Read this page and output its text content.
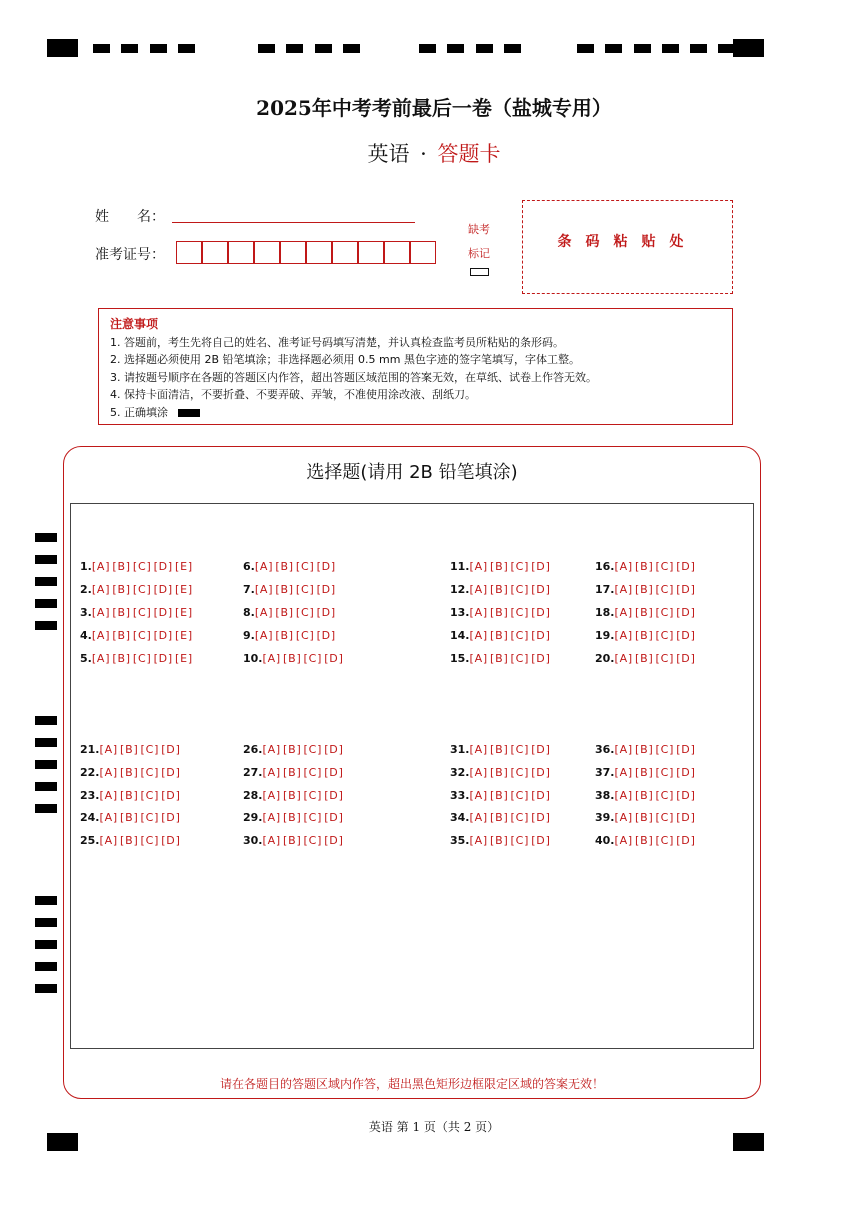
2025年中考考前最后一卷（盐城专用）
英语 · 答题卡
姓　　名：
准考证号：
缺考
标记
条码粘贴处
注意事项
1. 答题前，考生先将自己的姓名、准考证号码填写清楚，并认真检查监考员所粘贴的条形码。
2. 选择题必须使用 2B 铅笔填涂；非选择题必须用 0.5 mm 黑色字迹的签字笔填写，字体工整。
3. 请按题号顺序在各题的答题区内作答，超出答题区域范围的答案无效，在草纸、试卷上作答无效。
4. 保持卡面清洁，不要折叠、不要弄破、弄皱，不准使用涂改液、刮纸刀。
5. 正确填涂
选择题(请用 2B 铅笔填涂)
1.[A] [B] [C] [D] [E]
2.[A] [B] [C] [D] [E]
3.[A] [B] [C] [D] [E]
4.[A] [B] [C] [D] [E]
5.[A] [B] [C] [D] [E]
6.[A] [B] [C] [D]
7.[A] [B] [C] [D]
8.[A] [B] [C] [D]
9.[A] [B] [C] [D]
10.[A] [B] [C] [D]
11.[A] [B] [C] [D]
12.[A] [B] [C] [D]
13.[A] [B] [C] [D]
14.[A] [B] [C] [D]
15.[A] [B] [C] [D]
16.[A] [B] [C] [D]
17.[A] [B] [C] [D]
18.[A] [B] [C] [D]
19.[A] [B] [C] [D]
20.[A] [B] [C] [D]
21.[A] [B] [C] [D]
22.[A] [B] [C] [D]
23.[A] [B] [C] [D]
24.[A] [B] [C] [D]
25.[A] [B] [C] [D]
26.[A] [B] [C] [D]
27.[A] [B] [C] [D]
28.[A] [B] [C] [D]
29.[A] [B] [C] [D]
30.[A] [B] [C] [D]
31.[A] [B] [C] [D]
32.[A] [B] [C] [D]
33.[A] [B] [C] [D]
34.[A] [B] [C] [D]
35.[A] [B] [C] [D]
36.[A] [B] [C] [D]
37.[A] [B] [C] [D]
38.[A] [B] [C] [D]
39.[A] [B] [C] [D]
40.[A] [B] [C] [D]
请在各题目的答题区域内作答，超出黑色矩形边框限定区域的答案无效！
英语 第 1 页（共 2 页）
